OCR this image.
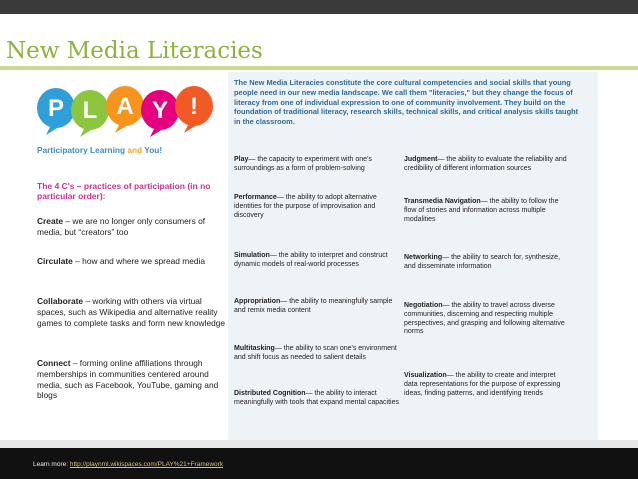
New Media Literacies
P L A Y !
Participatory Learning and You!
The 4 C's – practices of participation (in no particular order):
Create – we are no longer only consumers of media, but “creators” too
Circulate – how and where we spread media
Collaborate – working with others via virtual spaces, such as Wikipedia and alternative reality games to complete tasks and form new knowledge
Connect – forming online affiliations through memberships in communities centered around media, such as Facebook, YouTube, gaming and blogs
The New Media Literacies constitute the core cultural competencies and social skills that young people need in our new media landscape. We call them "literacies," but they change the focus of literacy from one of individual expression to one of community involvement. They build on the foundation of traditional literacy, research skills, technical skills, and critical analysis skills taught in the classroom.
Play— the capacity to experiment with one's surroundings as a form of problem-solving
Performance— the ability to adopt alternative identities for the purpose of improvisation and discovery
Simulation— the ability to interpret and construct dynamic models of real-world processes
Appropriation— the ability to meaningfully sample and remix media content
Multitasking— the ability to scan one's environment and shift focus as needed to salient details
Distributed Cognition— the ability to interact meaningfully with tools that expand mental capacities
Judgment— the ability to evaluate the reliability and credibility of different information sources
Transmedia Navigation— the ability to follow the flow of stories and information across multiple modalities
Networking— the ability to search for, synthesize, and disseminate information
Negotiation— the ability to travel across diverse communities, discerning and respecting multiple perspectives, and grasping and following alternative norms
Visualization— the ability to create and interpret data representations for the purpose of expressing ideas, finding patterns, and identifying trends
Learn more: http://playnml.wikispaces.com/PLAY%21+Framework
